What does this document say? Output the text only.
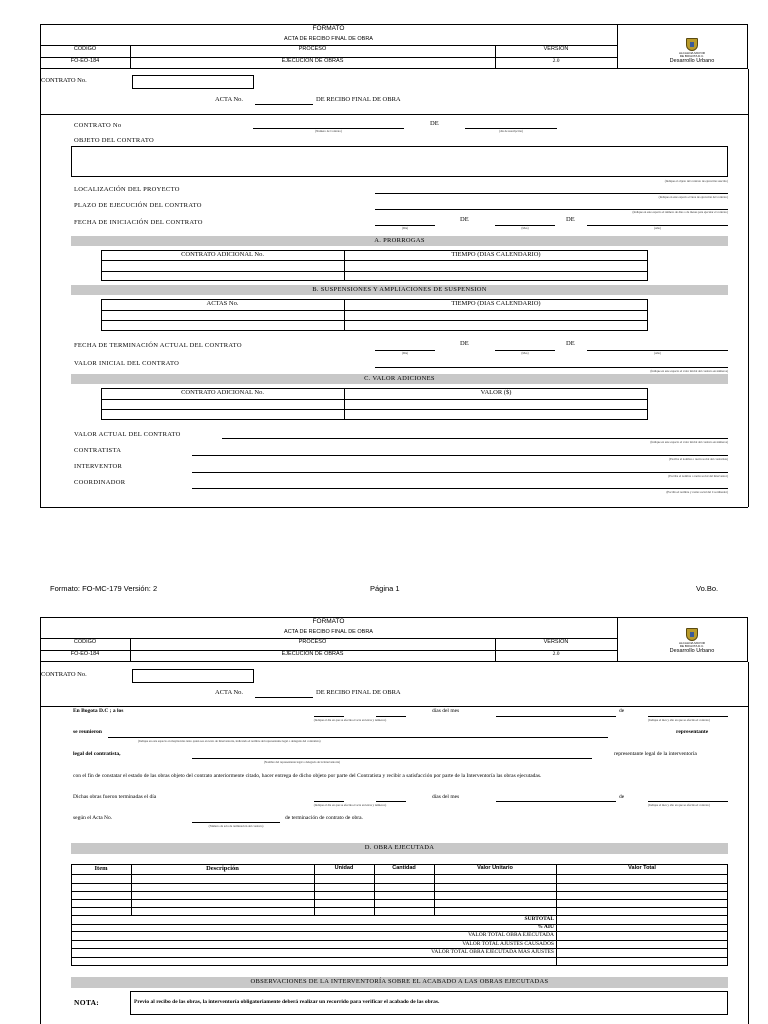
FORMATO
ACTA DE RECIBO FINAL DE OBRA
CÓDIGO
FO-EO-184
PROCESO
EJECUCIÓN DE OBRAS
VERSIÓN
2.0
ALCALDIA MAYOR
DE BOGOTA D.C.
Desarrollo Urbano
CONTRATO No.
ACTA No.	DE RECIBO FINAL DE OBRA
CONTRATO No
(Numero de Contrato)
DE
(día de suscripción)
OBJETO DEL CONTRATO
(Indique el objeto del contrato de ejecución suscrito)
LOCALIZACIÓN DEL PROYECTO
(Indique en este espacio el área de ejecución del contrato)
PLAZO DE EJECUCIÓN DEL CONTRATO
(Indique en este espacio el número de días o de meses para ejecutar el contrato)
FECHA DE INICIACIÓN DEL CONTRATO
(Día)
DE
(Mes)
DE
(Año)
A. PRORROGAS
CONTRATO ADICIONAL No.	TIEMPO (DIAS CALENDARIO)
B. SUSPENSIONES Y AMPLIACIONES DE SUSPENSION
ACTAS No.	TIEMPO (DIAS CALENDARIO)
FECHA DE TERMINACIÓN ACTUAL DEL CONTRATO
(Día)
DE
(Mes)
DE
(Año)
VALOR INICIAL DEL CONTRATO
(Indique en este espacio el valor inicial del contrato en números)
C. VALOR ADICIONES
CONTRATO ADICIONAL No.	VALOR ($)
VALOR ACTUAL DEL CONTRATO
(Indique en este espacio el valor inicial del contrato en números)
CONTRATISTA
(Escriba el nombre o razón social del contratista)
INTERVENTOR
(Escriba el nombre o razón social del Interventor)
COORDINADOR
(Escriba el nombre y razón social del Coordinador)
Formato: FO-MC-179 Versión: 2	Página 1	Vo.Bo.
FORMATO
ACTA DE RECIBO FINAL DE OBRA
CÓDIGO
FO-EO-184
PROCESO
EJECUCIÓN DE OBRAS
VERSIÓN
2.0
ALCALDIA MAYOR
DE BOGOTA D.C.
Desarrollo Urbano
CONTRATO No.
ACTA No.	DE RECIBO FINAL DE OBRA
En Bogota D.C ; a los
(Indique el día en que se efectúa el acta en letras y números)
días del mes	de
(Indique el mes y año en que se efectúa el contrato)
se reunieron
(Indique en este espacio en mayúsculas tanto quien sea en texto de Interventoría, indicando el nombre del representante legal o delegado del contratista)
representante
legal del contratista,
(Nombre del representante legal o delegado de la Interventoría)
representante legal de la interventoría
con el fin de constatar el estado de las obras objeto del contrato anteriormente citado, hacer entrega de dicho objeto por parte del Contratista y recibir a satisfacción por parte de la Interventoría las obras ejecutadas.
Dichas obras fueron terminadas el día
(Indique el día en que se efectúa el acta en letras y números)
días del mes	de
(Indique el mes y año en que se efectúa el contrato)
según el Acta No.
(Número de acta de terminación del contrato)
de terminación de contrato de obra.
D. OBRA EJECUTADA
Item	Descripción	Unidad	Cantidad	Valor Unitario	Valor Total
SUBTOTAL
% AIU
VALOR TOTAL OBRA EJECUTADA
VALOR TOTAL AJUSTES CAUSADOS
VALOR TOTAL OBRA EJECUTADA MAS AJUSTES
OBSERVACIONES DE LA INTERVENTORÍA SOBRE EL ACABADO A LAS OBRAS EJECUTADAS
NOTA:	Previo al recibo de las obras, la interventoría obligatoriamente deberá realizar un recorrido para verificar el acabado de las obras.
